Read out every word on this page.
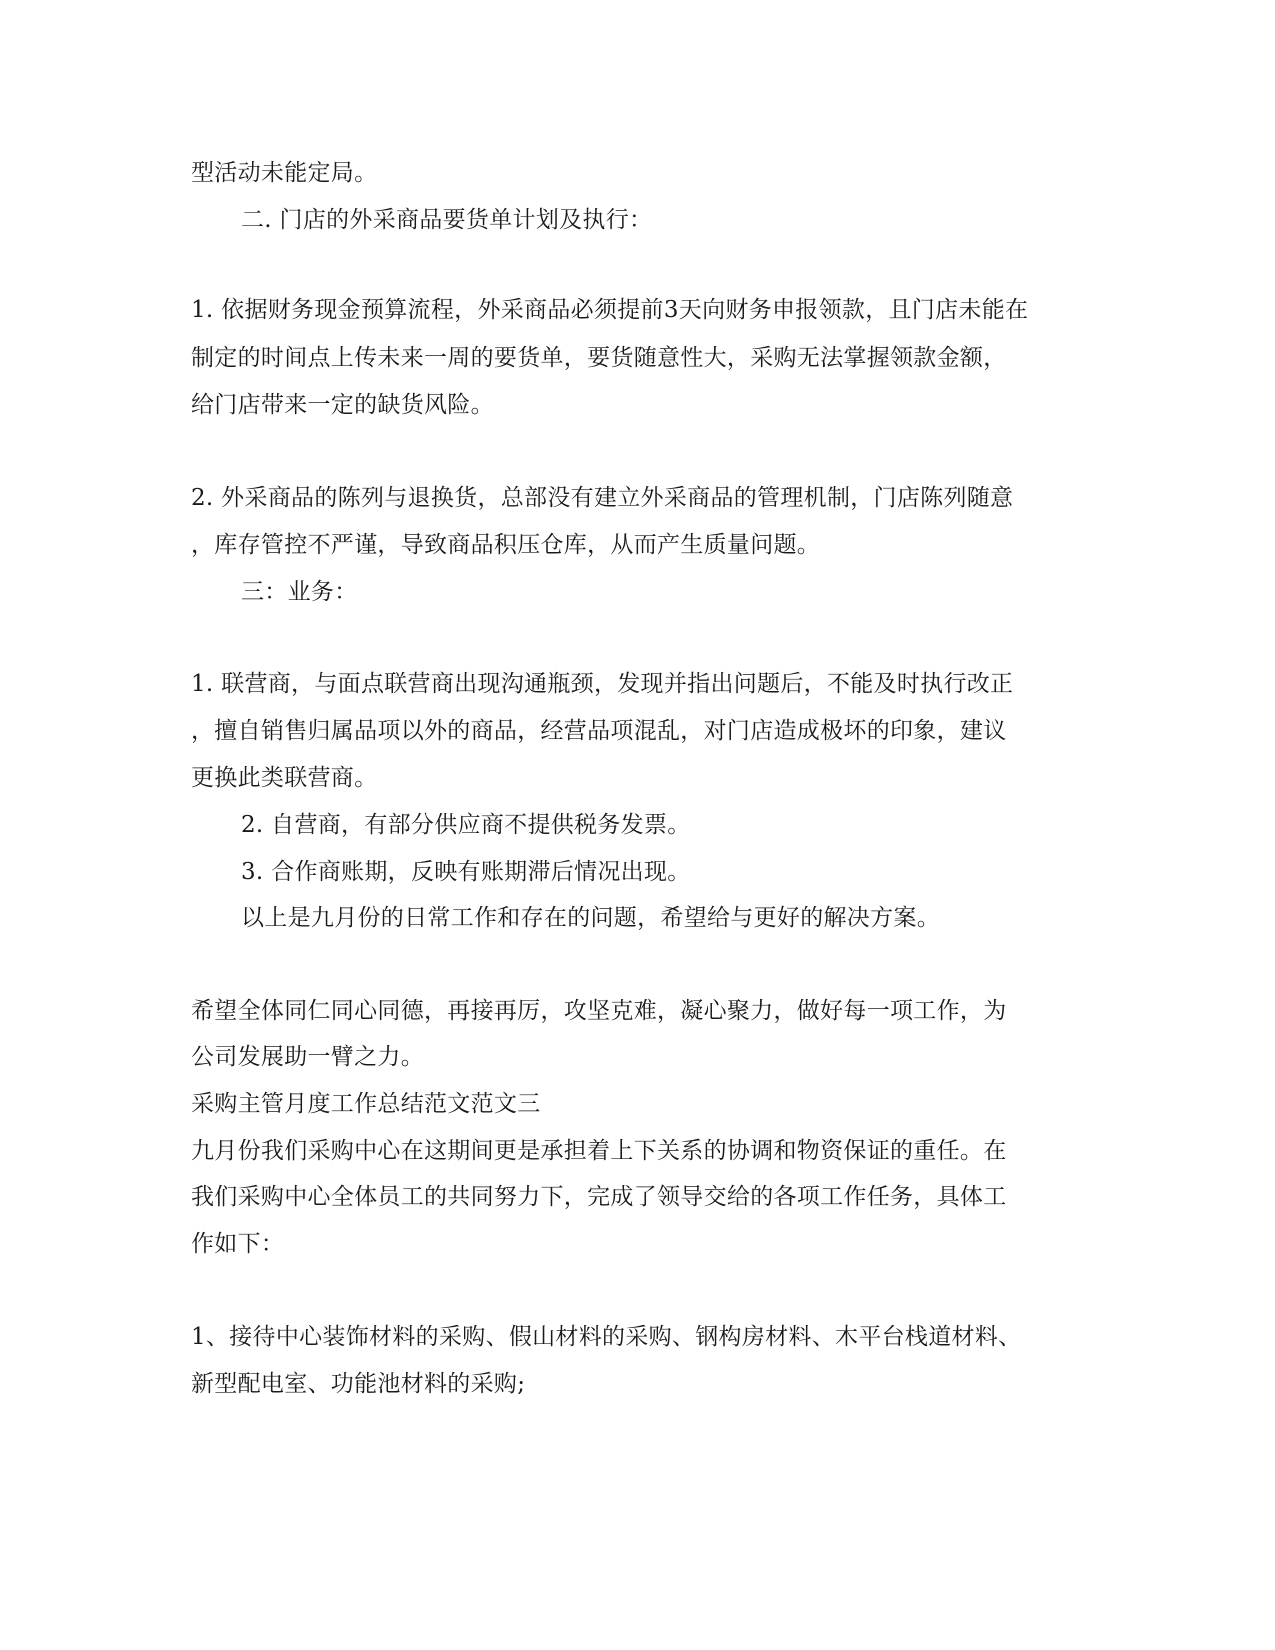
型活动未能定局。
二. 门店的外采商品要货单计划及执行：
1. 依据财务现金预算流程，外采商品必须提前3天向财务申报领款，且门店未能在
制定的时间点上传未来一周的要货单，要货随意性大，采购无法掌握领款金额，
给门店带来一定的缺货风险。
2. 外采商品的陈列与退换货，总部没有建立外采商品的管理机制，门店陈列随意
，库存管控不严谨，导致商品积压仓库，从而产生质量问题。
三：业务：
1. 联营商，与面点联营商出现沟通瓶颈，发现并指出问题后，不能及时执行改正
，擅自销售归属品项以外的商品，经营品项混乱，对门店造成极坏的印象，建议
更换此类联营商。
2. 自营商，有部分供应商不提供税务发票。
3. 合作商账期，反映有账期滞后情况出现。
以上是九月份的日常工作和存在的问题，希望给与更好的解决方案。
希望全体同仁同心同德，再接再厉，攻坚克难，凝心聚力，做好每一项工作，为
公司发展助一臂之力。
采购主管月度工作总结范文范文三
九月份我们采购中心在这期间更是承担着上下关系的协调和物资保证的重任。在
我们采购中心全体员工的共同努力下，完成了领导交给的各项工作任务，具体工
作如下：
1、接待中心装饰材料的采购、假山材料的采购、钢构房材料、木平台栈道材料、
新型配电室、功能池材料的采购;
